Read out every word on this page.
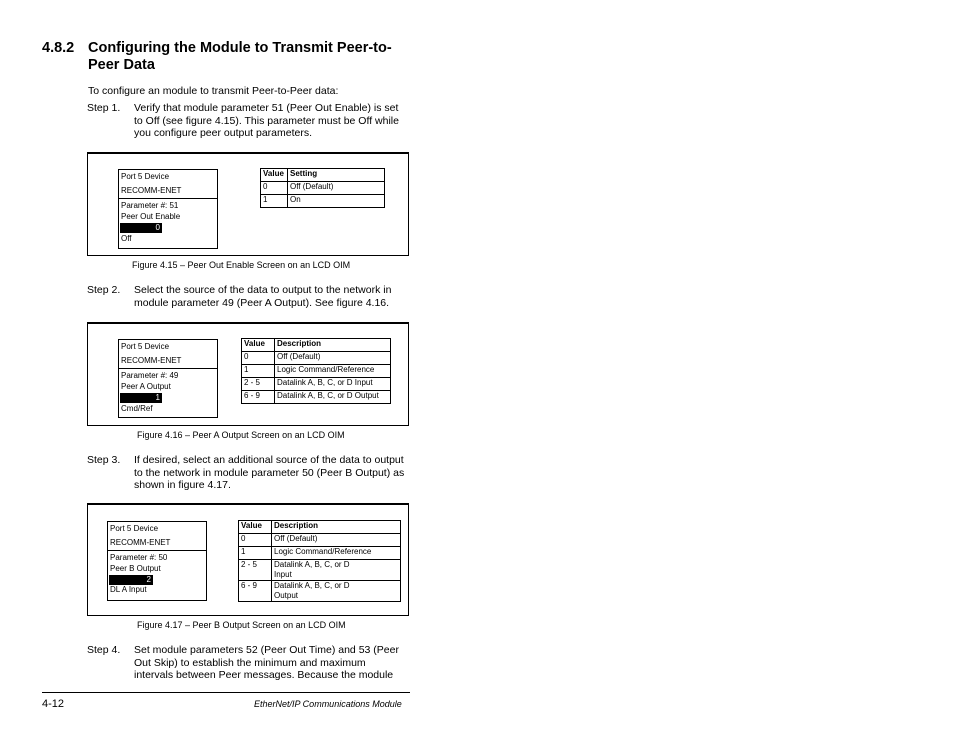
4.8.2 Configuring the Module to Transmit Peer-to-
Peer Data
To configure an module to transmit Peer-to-Peer data:
Step 1. Verify that module parameter 51 (Peer Out Enable) is set
to Off (see figure 4.15). This parameter must be Off while
you configure peer output parameters.
Port 5 Device
RECOMM-ENET
Parameter #: 51
Peer Out Enable
0
Off
Value	Setting
0	Off (Default)
1	On
Figure 4.15 – Peer Out Enable Screen on an LCD OIM
Step 2. Select the source of the data to output to the network in
module parameter 49 (Peer A Output). See figure 4.16.
Port 5 Device
RECOMM-ENET
Parameter #: 49
Peer A Output
1
Cmd/Ref
Value	Description
0	Off (Default)
1	Logic Command/Reference
2 - 5	Datalink A, B, C, or D Input
6 - 9	Datalink A, B, C, or D Output
Figure 4.16 – Peer A Output Screen on an LCD OIM
Step 3. If desired, select an additional source of the data to output
to the network in module parameter 50 (Peer B Output) as
shown in figure 4.17.
Port 5 Device
RECOMM-ENET
Parameter #: 50
Peer B Output
2
DL A Input
Value	Description
0	Off (Default)
1	Logic Command/Reference
2 - 5	Datalink A, B, C, or D
Input

6 - 9	Datalink A, B, C, or D
Output
Figure 4.17 – Peer B Output Screen on an LCD OIM
Step 4. Set module parameters 52 (Peer Out Time) and 53 (Peer
Out Skip) to establish the minimum and maximum
intervals between Peer messages. Because the module
4-12	EtherNet/IP Communications Module
